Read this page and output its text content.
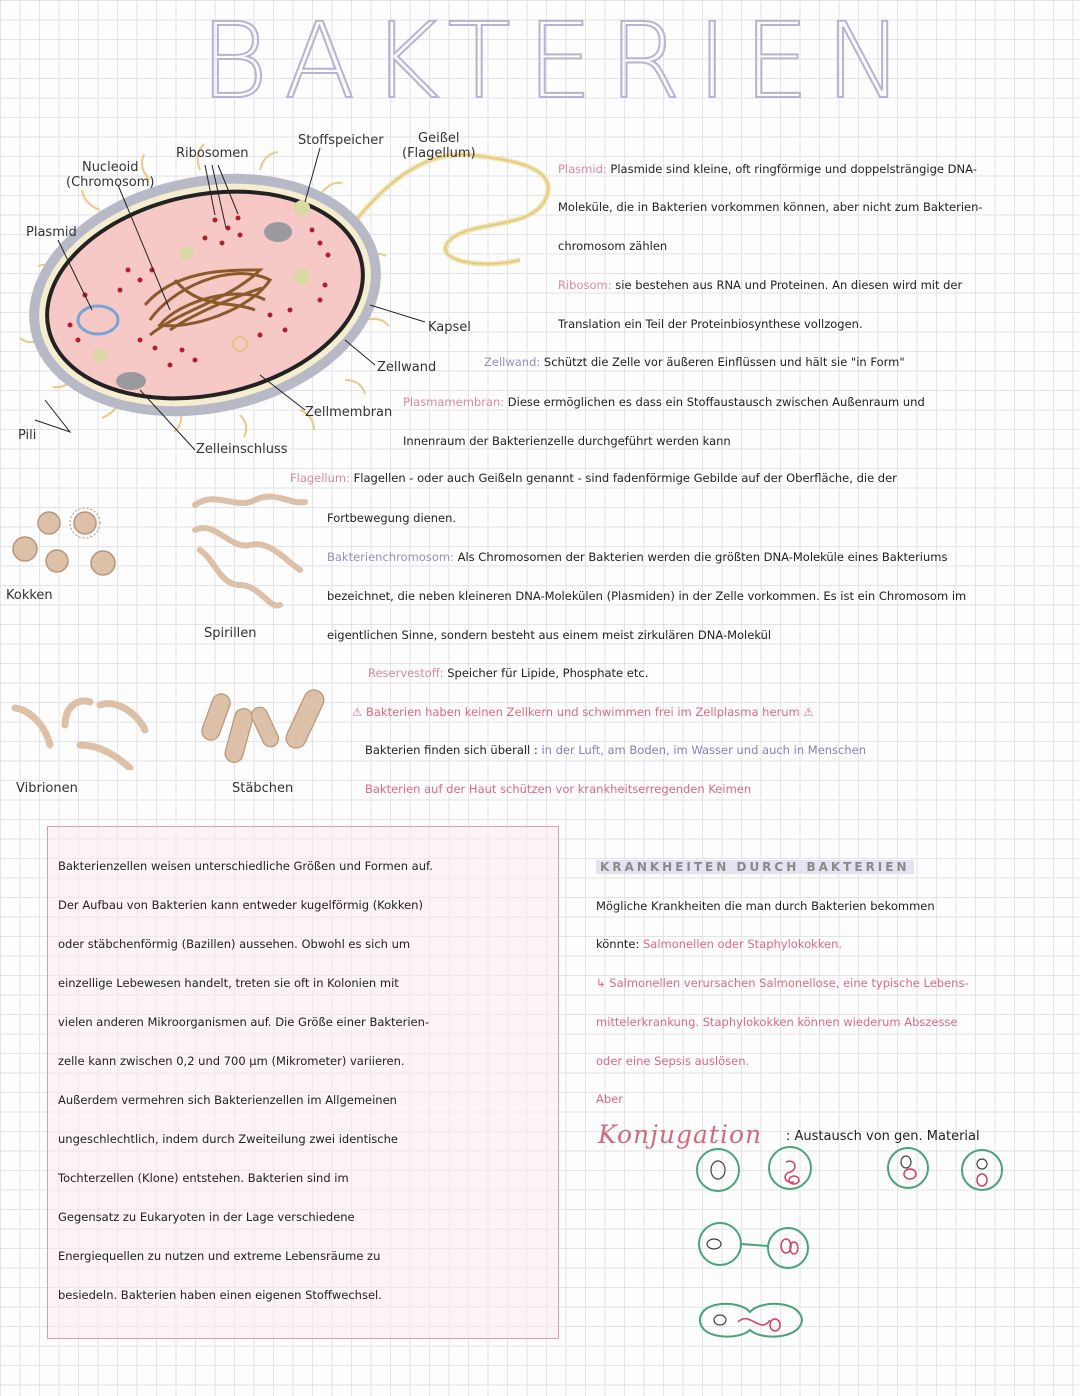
BAKTERIEN
Nucleoid
(Chromosom)
Ribosomen
Stoffspeicher	Geißel
(Flagellum)
Plasmid
Kapsel
Zellwand
Zellmembran
Zelleinschluss
Pili
Kokken
Spirillen
Vibrionen	Stäbchen
Plasmid: Plasmide sind kleine, oft ringförmige und doppelsträngige DNA-
Moleküle, die in Bakterien vorkommen können, aber nicht zum Bakterien-
chromosom zählen
Ribosom: sie bestehen aus RNA und Proteinen. An diesen wird mit der
Translation ein Teil der Proteinbiosynthese vollzogen.
Zellwand: Schützt die Zelle vor äußeren Einflüssen und hält sie "in Form"
Plasmamembran: Diese ermöglichen es dass ein Stoffaustausch zwischen Außenraum und
Innenraum der Bakterienzelle durchgeführt werden kann
Flagellum: Flagellen - oder auch Geißeln genannt - sind fadenförmige Gebilde auf der Oberfläche, die der
Fortbewegung dienen.
Bakterienchromosom: Als Chromosomen der Bakterien werden die größten DNA-Moleküle eines Bakteriums
bezeichnet, die neben kleineren DNA-Molekülen (Plasmiden) in der Zelle vorkommen. Es ist ein Chromosom im
eigentlichen Sinne, sondern besteht aus einem meist zirkulären DNA-Molekül
Reservestoff: Speicher für Lipide, Phosphate etc.
⚠ Bakterien haben keinen Zellkern und schwimmen frei im Zellplasma herum ⚠
Bakterien finden sich überall : in der Luft, am Boden, im Wasser und auch in Menschen
Bakterien auf der Haut schützen vor krankheitserregenden Keimen

Bakterienzellen weisen unterschiedliche Größen und Formen auf.

Der Aufbau von Bakterien kann entweder kugelförmig (Kokken)

oder stäbchenförmig (Bazillen) aussehen. Obwohl es sich um

einzellige Lebewesen handelt, treten sie oft in Kolonien mit

vielen anderen Mikroorganismen auf. Die Größe einer Bakterien-

zelle kann zwischen 0,2 und 700 µm (Mikrometer) variieren.

Außerdem vermehren sich Bakterienzellen im Allgemeinen

ungeschlechtlich, indem durch Zweiteilung zwei identische

Tochterzellen (Klone) entstehen. Bakterien sind im

Gegensatz zu Eukaryoten in der Lage verschiedene

Energiequellen zu nutzen und extreme Lebensräume zu

besiedeln. Bakterien haben einen eigenen Stoffwechsel.

KRANKHEITEN DURCH BAKTERIEN
Mögliche Krankheiten die man durch Bakterien bekommen
könnte: Salmonellen oder Staphylokokken.
↳ Salmonellen verursachen Salmonellose, eine typische Lebens-
mittelerkrankung. Staphylokokken können wiederum Abszesse
oder eine Sepsis auslösen.
Aber
Konjugation : Austausch von gen. Material
